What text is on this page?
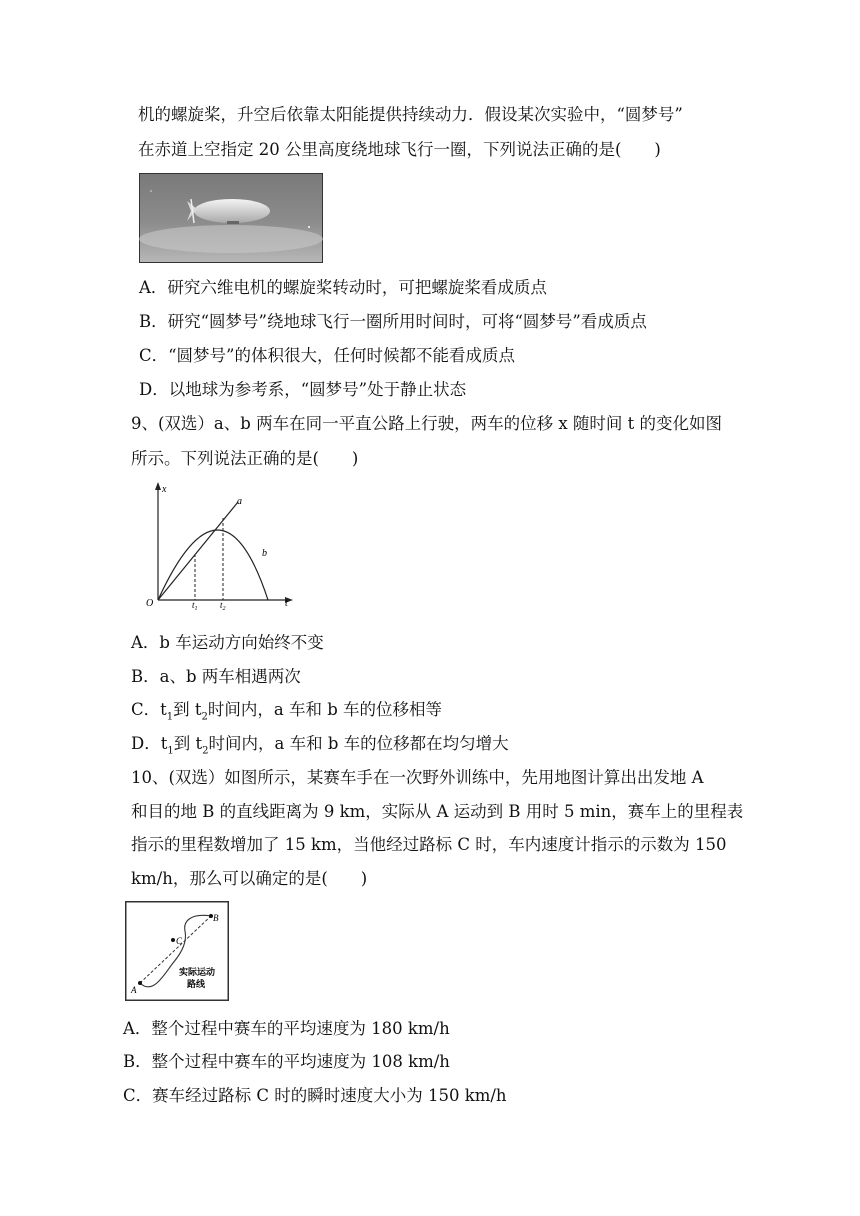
机的螺旋桨，升空后依靠太阳能提供持续动力．假设某次实验中，“圆梦号”
在赤道上空指定 20 公里高度绕地球飞行一圈，下列说法正确的是(　　)
A．研究六维电机的螺旋桨转动时，可把螺旋桨看成质点
B．研究“圆梦号”绕地球飞行一圈所用时间时，可将“圆梦号”看成质点
C．“圆梦号”的体积很大，任何时候都不能看成质点
D．以地球为参考系，“圆梦号”处于静止状态
9、(双选）a、b 两车在同一平直公路上行驶，两车的位移 x 随时间 t 的变化如图
所示。下列说法正确的是(　　)
x
t
O
a
b
$t_1$ $t_2$
A．b 车运动方向始终不变
B．a、b 两车相遇两次
C．$t_1$到 $t_2$时间内，a 车和 b 车的位移相等
D．$t_1$到 $t_2$时间内，a 车和 b 车的位移都在均匀增大
10、(双选）如图所示，某赛车手在一次野外训练中，先用地图计算出出发地 A
和目的地 B 的直线距离为 9 km，实际从 A 运动到 B 用时 5 min，赛车上的里程表
指示的里程数增加了 15 km，当他经过路标 C 时，车内速度计指示的示数为 150
km/h，那么可以确定的是(　　)
A
B
C
实际运动
路线
A．整个过程中赛车的平均速度为 180 km/h
B．整个过程中赛车的平均速度为 108 km/h
C．赛车经过路标 C 时的瞬时速度大小为 150 km/h
